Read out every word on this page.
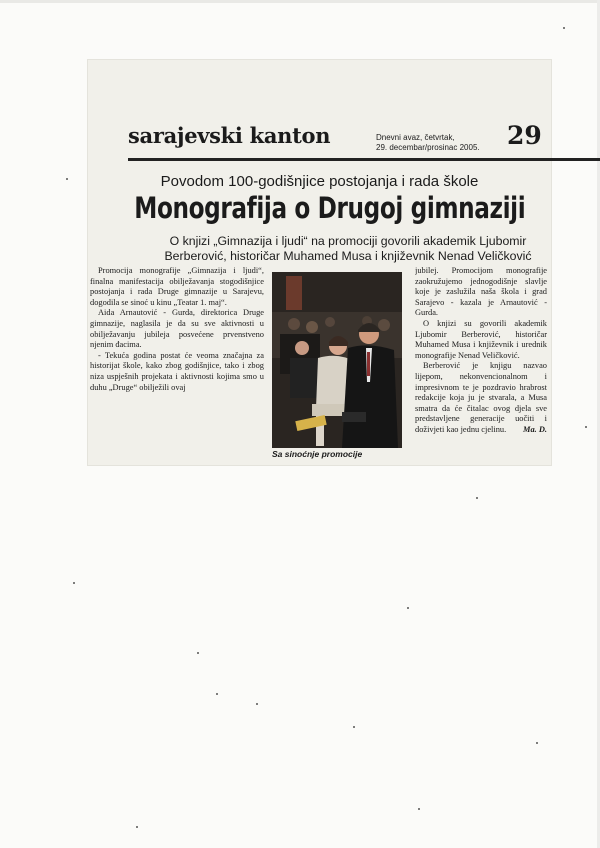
sarajevski kanton	Dnevni avaz, četvrtak,
29. decembar/prosinac 2005. 29
Povodom 100-godišnjice postojanja i rada škole
Monografija o Drugoj gimnaziji
O knjizi „Gimnazija i ljudi“ na promociji govorili akademik Ljubomir
Berberović, historičar Muhamed Musa i književnik Nenad Veličković

Promocija monografije „Gimnazija i ljudi“, finalna manifestacija obilježavanja stogodišnjice postojanja i rada Druge gimnazije u Sarajevu, dogodila se sinoć u kinu „Teatar 1. maj“.

Aida Arnautović - Gurda, direktorica Druge gimnazije, naglasila je da su sve aktivnosti u obilježavanju jubileja posvećene prvenstveno njenim đacima.

- Tekuća godina postat će veoma značajna za historijat škole, kako zbog godišnjice, tako i zbog niza uspješnih projekata i aktivnosti kojima smo u duhu „Druge“ obilježili ovaj

Sa sinoćnje promocije

jubilej. Promocijom monografije zaokružujemo jednogodišnje slavlje koje je zaslužila naša škola i grad Sarajevo - kazala je Arnautović - Gurda.

O knjizi su govorili akademik Ljubomir Berberović, historičar Muhamed Musa i književnik i urednik monografije Nenad Veličković.

Berberović je knjigu nazvao lijepom, nekonvencionalnom i impresivnom te je pozdravio hrabrost redakcije koja ju je stvarala, a Musa smatra da će čitalac ovog djela sve predstavljene generacije uočiti i doživjeti kao jednu cjelinu.	Ma. D.
